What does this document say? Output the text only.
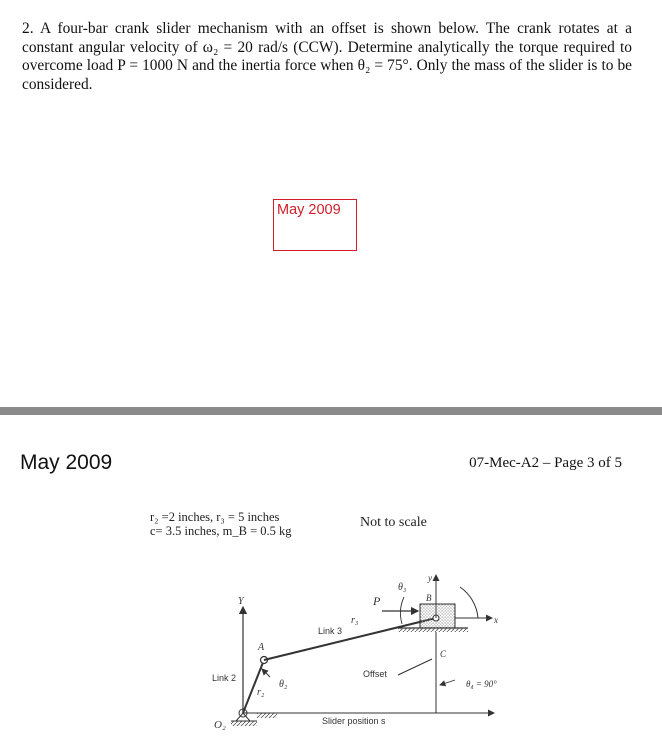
2. A four-bar crank slider mechanism with an offset is shown below. The crank rotates at a constant angular velocity of ω₂ = 20 rad/s (CCW). Determine analytically the torque required to overcome load P = 1000 N and the inertia force when θ₂ = 75°. Only the mass of the slider is to be considered.
May 2009
May 2009	07-Mec-A2 – Page 3 of 5
r₂ =2 inches, r₃ = 5 inches
c= 3.5 inches, m_B = 0.5 kg
Not to scale
Y
O₂
Link 2
A
r₂
θ₂
Link 3
r₃
B
y
x
θ₃
P
C
Offset
θ₄ = 90°
Slider position s
